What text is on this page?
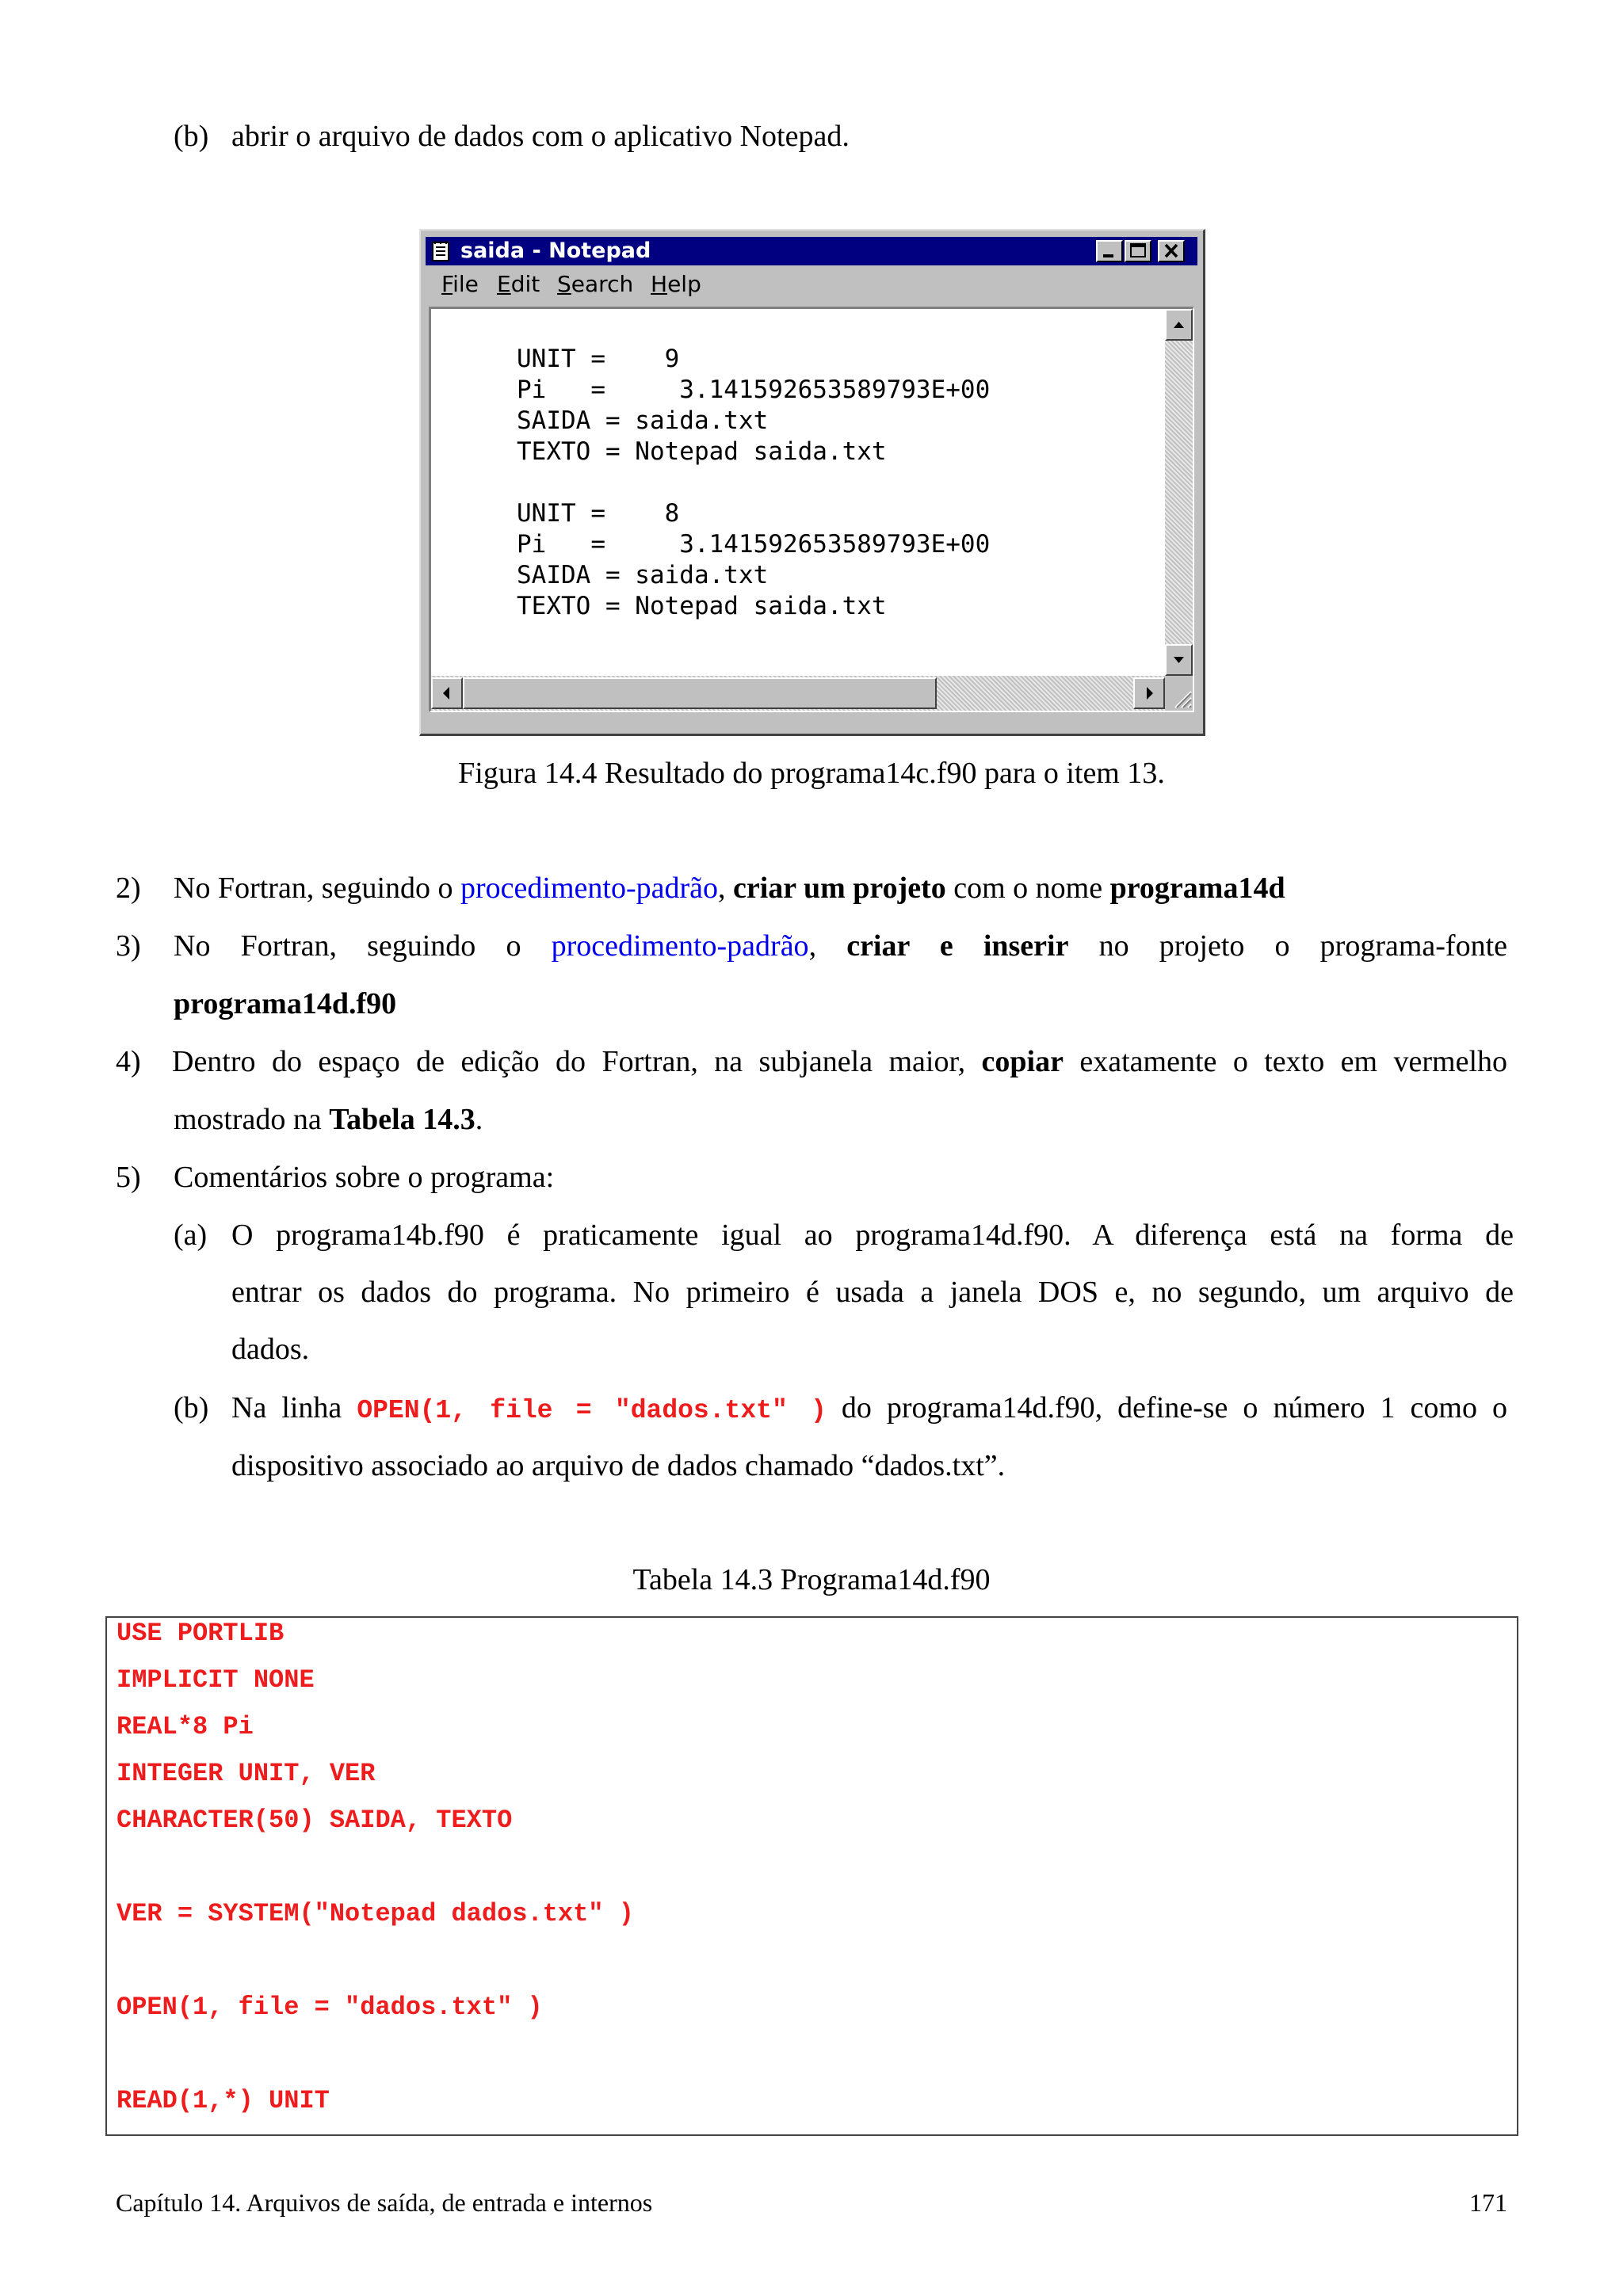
(b) abrir o arquivo de dados com o aplicativo Notepad.
saida - Notepad
File Edit Search Help
UNIT =    9
Pi   =     3.141592653589793E+00
SAIDA = saida.txt
TEXTO = Notepad saida.txt
UNIT =    8
Pi   =     3.141592653589793E+00
SAIDA = saida.txt
TEXTO = Notepad saida.txt
Figura 14.4 Resultado do programa14c.f90 para o item 13.
2) No Fortran, seguindo o procedimento-padrão, criar um projeto com o nome programa14d
3) No Fortran, seguindo o procedimento-padrão, criar e inserir no projeto o programa-fonte
programa14d.f90
4) Dentro do espaço de edição do Fortran, na subjanela maior, copiar exatamente o texto em vermelho
mostrado na Tabela 14.3.
5) Comentários sobre o programa:
(a) O programa14b.f90 é praticamente igual ao programa14d.f90. A diferença está na forma de
entrar os dados do programa. No primeiro é usada a janela DOS e, no segundo, um arquivo de
dados.
(b) Na linha OPEN(1, file = "dados.txt" ) do programa14d.f90, define-se o número 1 como o
dispositivo associado ao arquivo de dados chamado “dados.txt”.
Tabela 14.3 Programa14d.f90
USE PORTLIB
IMPLICIT NONE
REAL*8 Pi
INTEGER UNIT, VER
CHARACTER(50) SAIDA, TEXTO
VER = SYSTEM("Notepad dados.txt" )
OPEN(1, file = "dados.txt" )
READ(1,*) UNIT
Capítulo 14. Arquivos de saída, de entrada e internos	171
